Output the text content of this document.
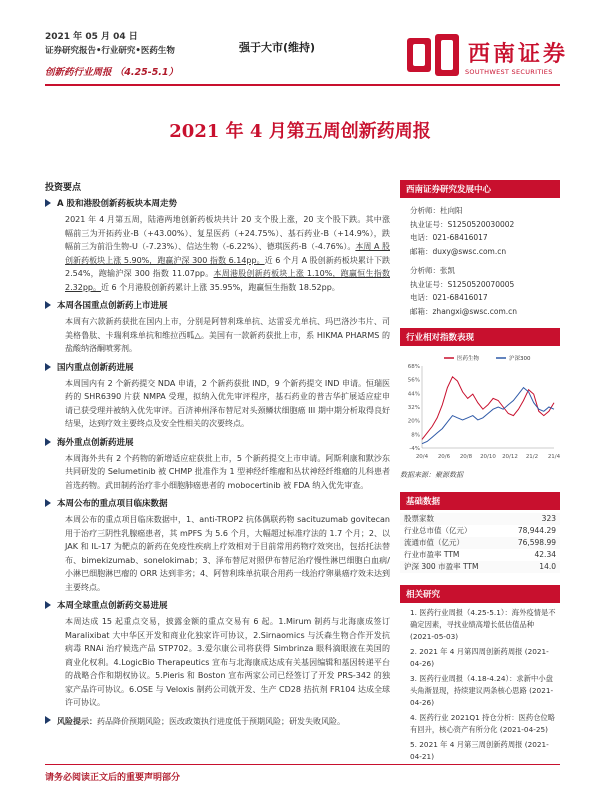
2021 年 05 月 04 日
证券研究报告•行业研究•医药生物
创新药行业周报 （4.25-5.1）
强于大市(维持)	西南证券
SOUTHWEST SECURITIES
2021 年 4 月第五周创新药周报
投资要点
A 股和港股创新药板块本周走势

2021 年 4 月第五周，陆港两地创新药板块共计 20 支个股上涨，20 支个股下跌。其中涨幅前三为开拓药业-B（+43.00%）、复星医药（+24.75%）、基石药业-B（+14.9%），跌幅前三为前沿生物-U（-7.23%）、信达生物（-6.22%）、德琪医药-B（-4.76%）。本周 A 股创新药板块上涨 5.90%，跑赢沪深 300 指数 6.14pp。近 6 个月 A 股创新药板块累计下跌 2.54%，跑输沪深 300 指数 11.07pp。本周港股创新药板块上涨 1.10%，跑赢恒生指数 2.32pp。近 6 个月港股创新药累计上涨 35.95%，跑赢恒生指数 18.52pp。

本周各国重点创新药上市进展

本周有六款新药获批在国内上市，分别是阿替利珠单抗、达雷妥尤单抗、玛巴洛沙韦片、司美格鲁肽、卡瑞利珠单抗和维拉西呱△。美国有一款新药获批上市，系 HIKMA PHARMS 的盐酸纳洛酮喷雾剂。

国内重点创新药进展

本周国内有 2 个新药提交 NDA 申请，2 个新药获批 IND，9 个新药提交 IND 申请。恒瑞医药的 SHR6390 片获 NMPA 受理，拟纳入优先审评程序，基石药业的普吉华扩展适应症申请已获受理并被纳入优先审评。百济神州泽布替尼对头颈鳞状细胞癌 III 期中期分析取得良好结果，达到疗效主要终点及安全性相关的次要终点。

海外重点创新药进展

本周海外共有 2 个药物的新增适应症获批上市，5 个新药提交上市申请。阿斯利康和默沙东共同研发的 Selumetinib 被 CHMP 批准作为 1 型神经纤维瘤和丛状神经纤维瘤的儿科患者首选药物。武田制药治疗非小细胞肺癌患者的 mobocertinib 被 FDA 纳入优先审查。

本周公布的重点项目临床数据

本周公布的重点项目临床数据中，1、anti-TROP2 抗体偶联药物 sacituzumab govitecan 用于治疗三阴性乳腺癌患者，其 mPFS 为 5.6 个月，大幅超过标准疗法的 1.7 个月；2、以 JAK 和 IL-17 为靶点的新药在免疫性疾病上疗效相对于目前常用药物疗效突出，包括托法替布、bimekizumab、sonelokimab；3、泽布替尼对照伊布替尼治疗慢性淋巴细胞白血病/小淋巴细胞淋巴瘤的 ORR 达到非劣；4、阿替利珠单抗联合用药一线治疗卵巢癌疗效未达到主要终点。

本周全球重点创新药交易进展

本周达成 15 起重点交易，披露金额的重点交易有 6 起。1.Mirum 制药与北海康成签订 Maralixibat 大中华区开发和商业化独家许可协议，2.Sirnaomics 与沃森生物合作开发抗病毒 RNAi 治疗候选产品 STP702。3.爱尔康公司将获得 Simbrinza 眼科滴眼液在美国的商业化权利。4.LogicBio Therapeutics 宣布与北海康成达成有关基因编辑和基因转递平台的战略合作和期权协议。5.Pieris 和 Boston 宣布两家公司已经签订了开发 PRS-342 的独家产品许可协议。6.OSE 与 Veloxis 制药公司就开发、生产 CD28 拮抗剂 FR104 达成全球许可协议。

风险提示：药品降价预期风险；医改政策执行进度低于预期风险；研发失败风险。

西南证券研究发展中心
分析师：杜向阳
执业证号：S1250520030002
电话：021-68416017
邮箱：duxy@swsc.com.cn
分析师：张凯
执业证号：S1250520070005
电话：021-68416017
邮箱：zhangxi@swsc.com.cn
行业相对指数表现
68%
56%
44%
32%
20%
8%
-4%
20/4 20/6 20/8 20/10 20/12 21/2 21/4
医药生物	沪深300
数据来源：聚源数据
基础数据
股票家数	323
行业总市值（亿元）	78,944.29
流通市值（亿元）	76,598.99
行业市盈率 TTM	42.34
沪深 300 市盈率 TTM	14.0
相关研究
1. 医药行业周报（4.25-5.1）：海外疫情是不确定因素，寻找业绩高增长低估值品种 (2021-05-03)
2. 2021 年 4 月第四周创新药周报 (2021-04-26)
3. 医药行业周报（4.18-4.24）：求新中小盘头角渐显现，持续建议两条核心思路 (2021-04-26)
4. 医药行业 2021Q1 持仓分析：医药仓位略有回升，核心资产有所分化 (2021-04-25)
5. 2021 年 4 月第三周创新药周报 (2021-04-21)
请务必阅读正文后的重要声明部分
